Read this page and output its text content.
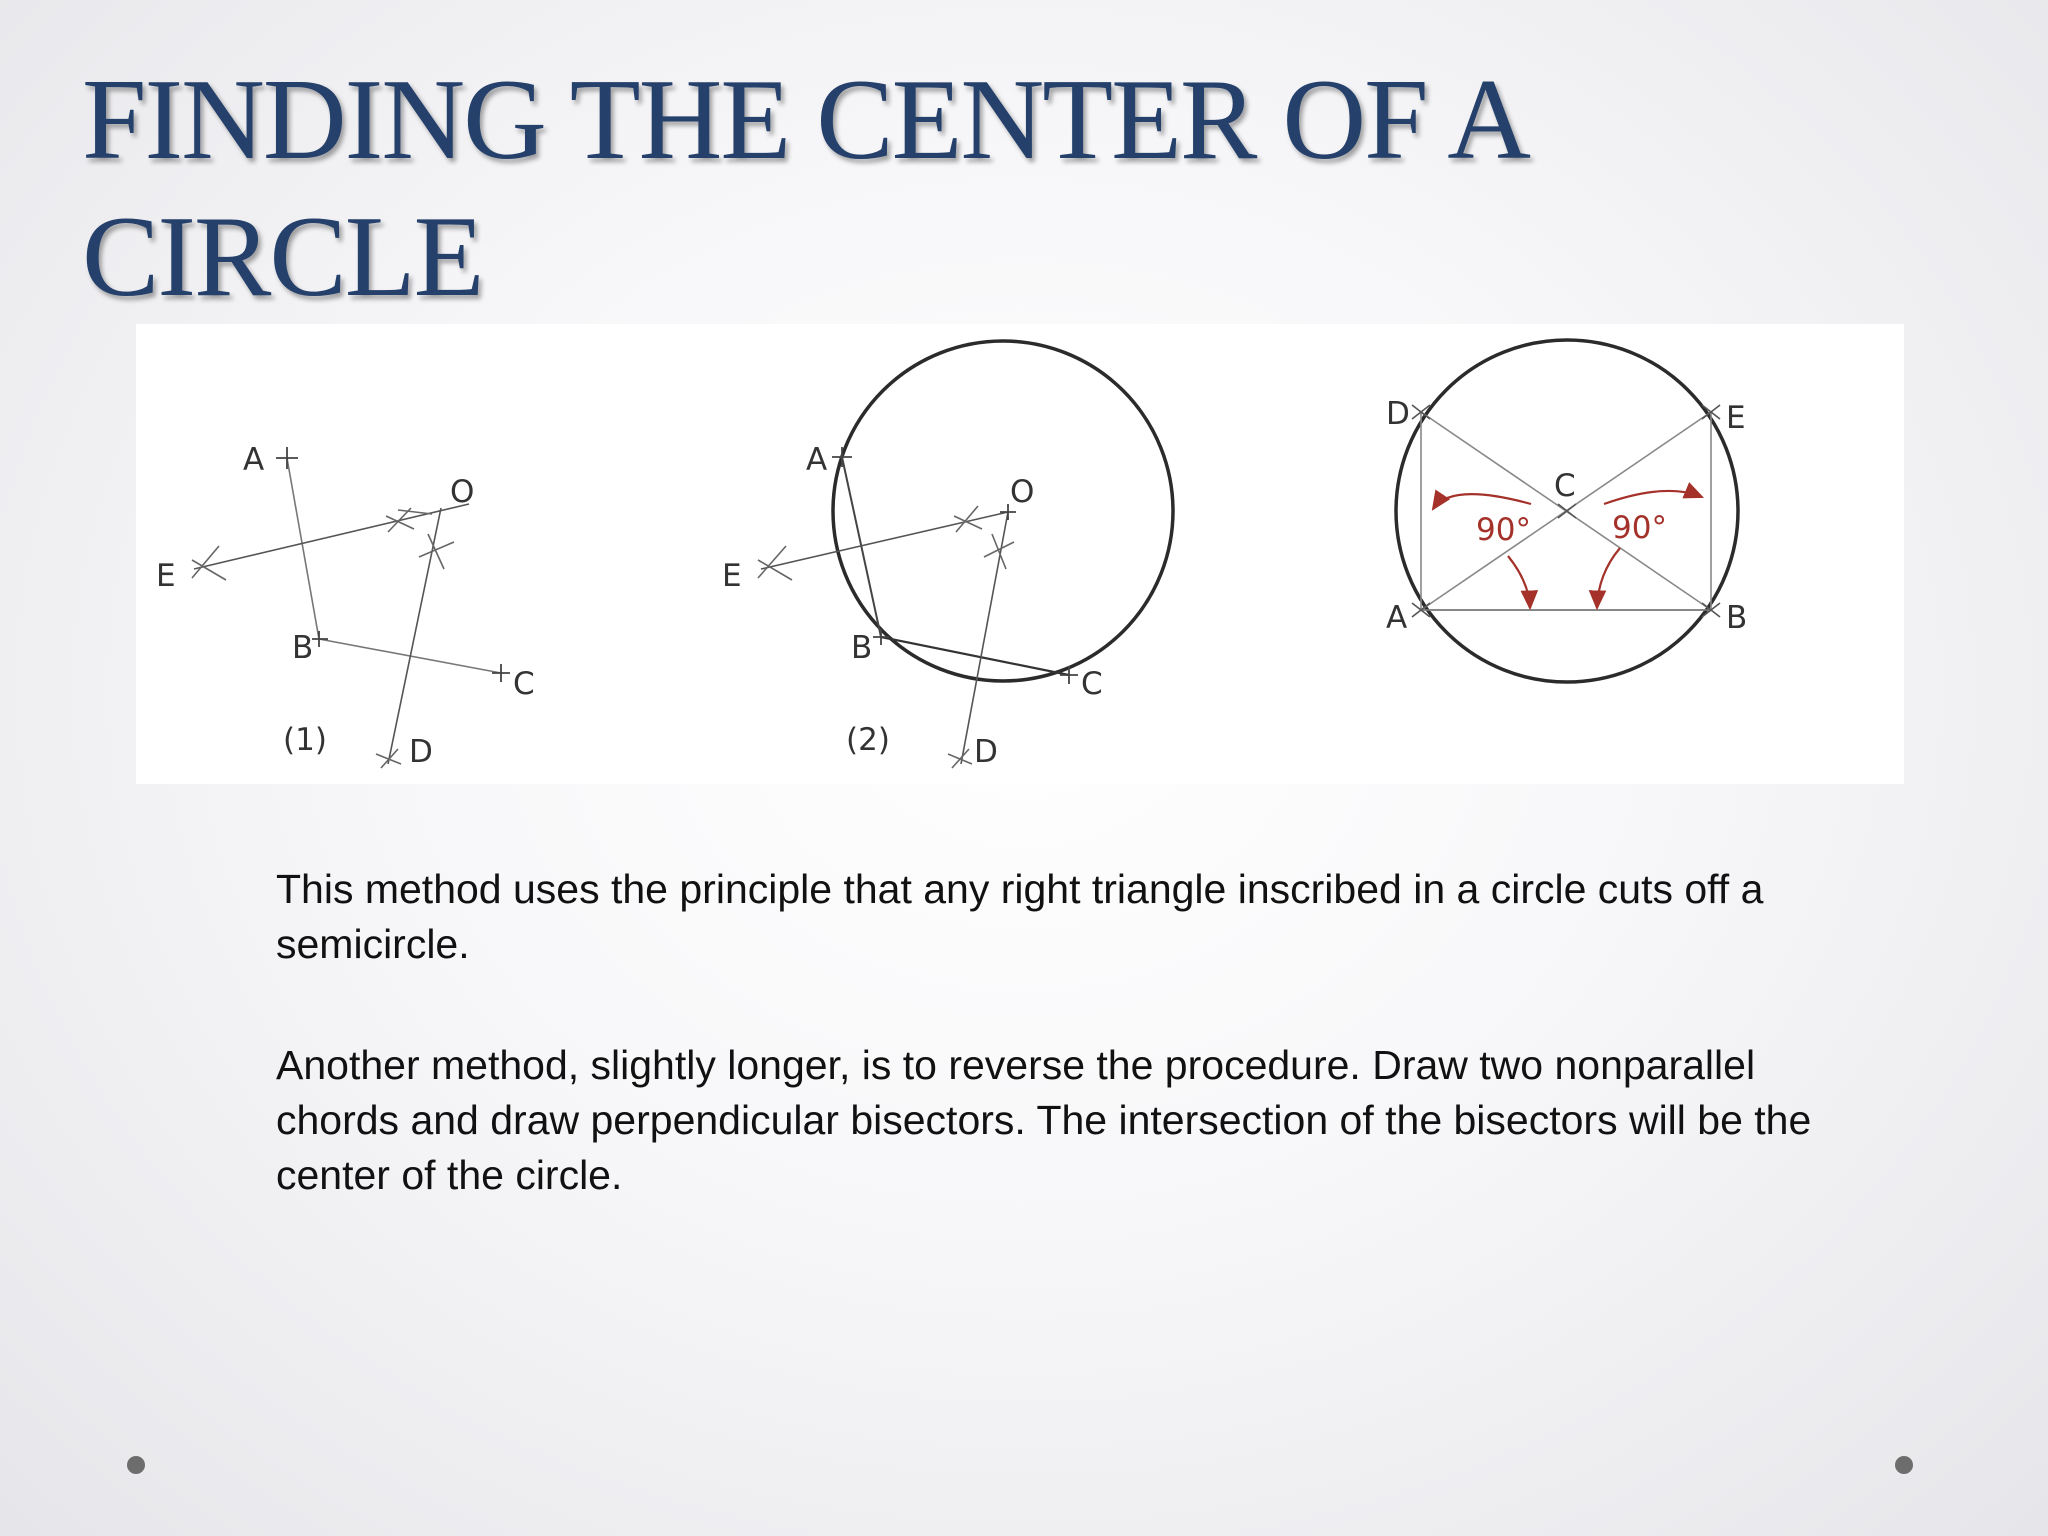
FINDING THE CENTER OF A CIRCLE
A
B
C
D
E
O
(1)
A
B
C
D
E
O
(2)
D	E
A	B
C
90°	90°

This method uses the principle that any right triangle inscribed in a circle cuts off a semicircle.

Another method, slightly longer, is to reverse the procedure. Draw two nonparallel chords and draw perpendicular bisectors. The intersection of the bisectors will be the center of the circle.
